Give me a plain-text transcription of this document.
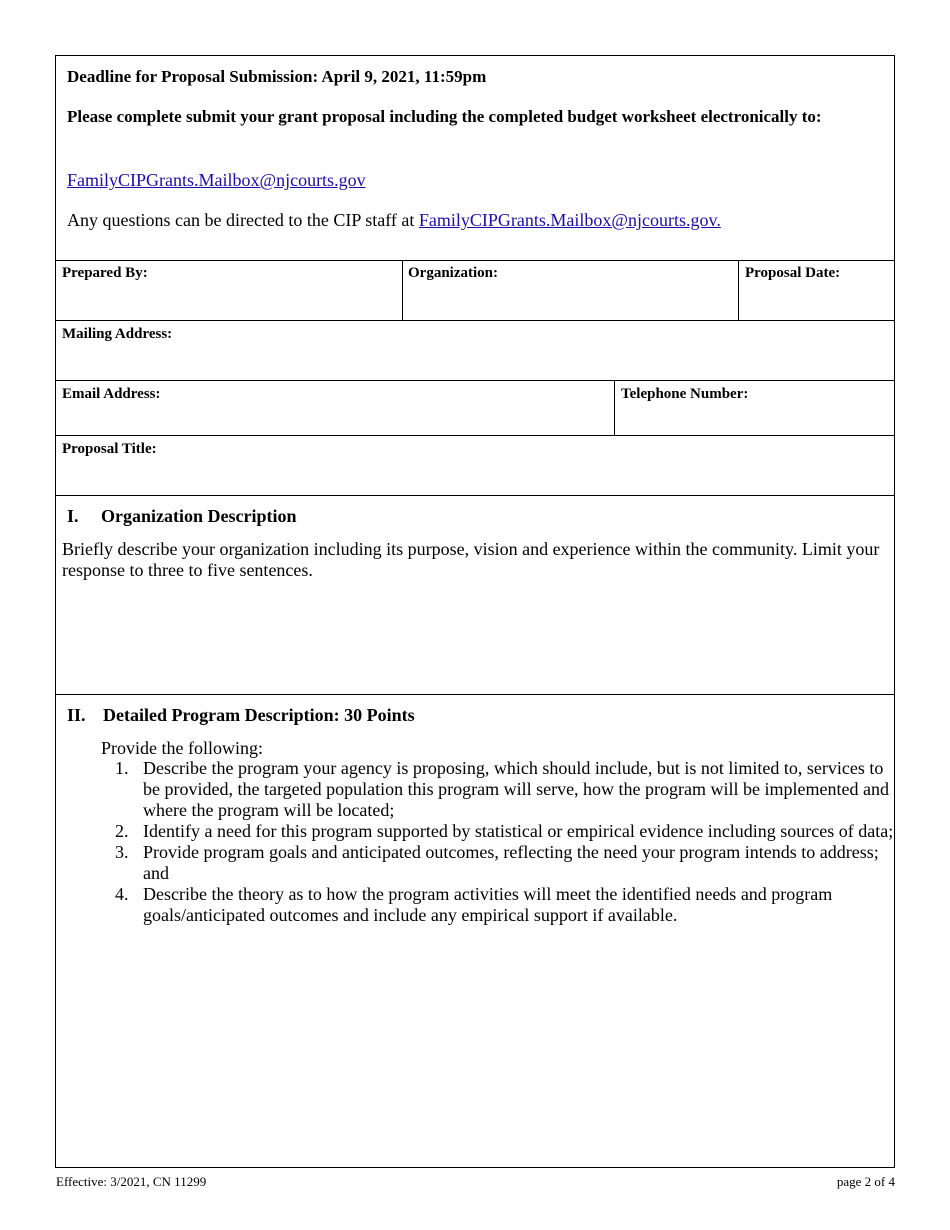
Deadline for Proposal Submission: April 9, 2021, 11:59pm
Please complete submit your grant proposal including the completed budget worksheet electronically to:
FamilyCIPGrants.Mailbox@njcourts.gov
Any questions can be directed to the CIP staff at FamilyCIPGrants.Mailbox@njcourts.gov.
Prepared By:	Organization:	Proposal Date:
Mailing Address:
Email Address:	Telephone Number:
Proposal Title:
I. Organization Description
Briefly describe your organization including its purpose, vision and experience within the community. Limit your response to three to five sentences.
II. Detailed Program Description: 30 Points
Provide the following:
1. Describe the program your agency is proposing, which should include, but is not limited to, services to be provided, the targeted population this program will serve, how the program will be implemented and where the program will be located;
2. Identify a need for this program supported by statistical or empirical evidence including sources of data;
3. Provide program goals and anticipated outcomes, reflecting the need your program intends to address; and
4. Describe the theory as to how the program activities will meet the identified needs and program goals/anticipated outcomes and include any empirical support if available.
Effective: 3/2021, CN 11299	page 2 of 4
